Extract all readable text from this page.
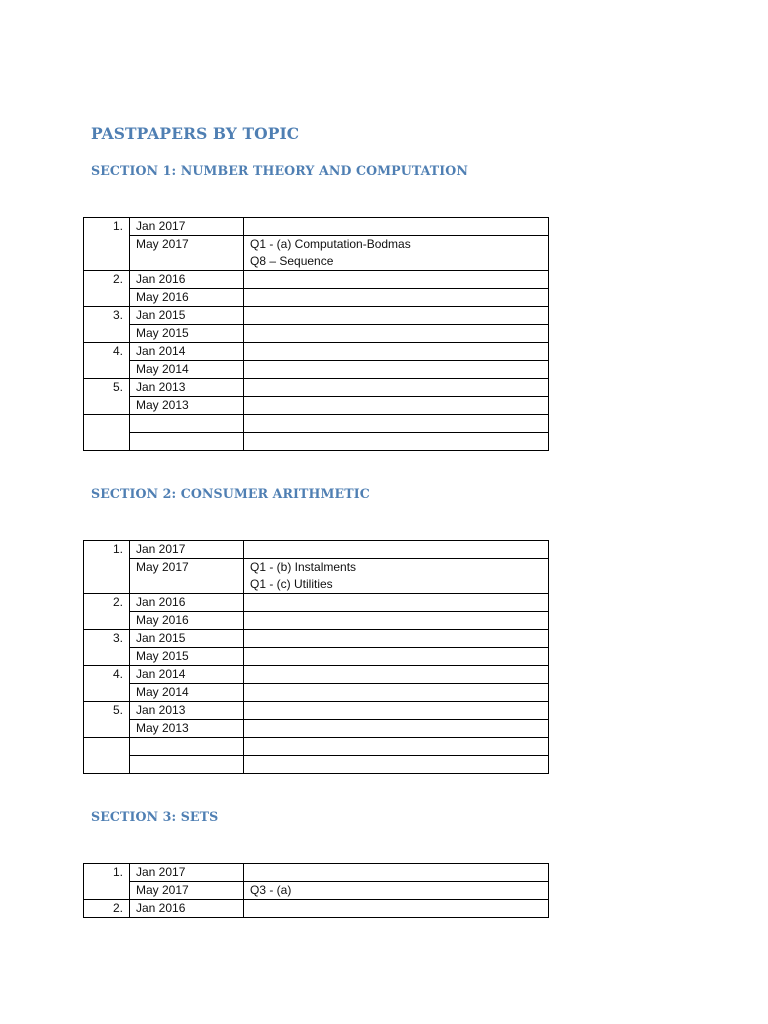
PASTPAPERS BY TOPIC
SECTION 1: NUMBER THEORY AND COMPUTATION
1.	Jan 2017	

	May 2017	Q1 - (a) Computation-Bodmas
Q8 – Sequence

2.	Jan 2016	

	May 2016	

3.	Jan 2015	

	May 2015	

4.	Jan 2014	

	May 2014	

5.	Jan 2013	

	May 2013	

SECTION 2: CONSUMER ARITHMETIC
1.	Jan 2017	

	May 2017	Q1 - (b) Instalments
Q1 - (c) Utilities

2.	Jan 2016	

	May 2016	

3.	Jan 2015	

	May 2015	

4.	Jan 2014	

	May 2014	

5.	Jan 2013	

	May 2013	

SECTION 3: SETS
1.	Jan 2017	

	May 2017	Q3 - (a)

2.	Jan 2016	
